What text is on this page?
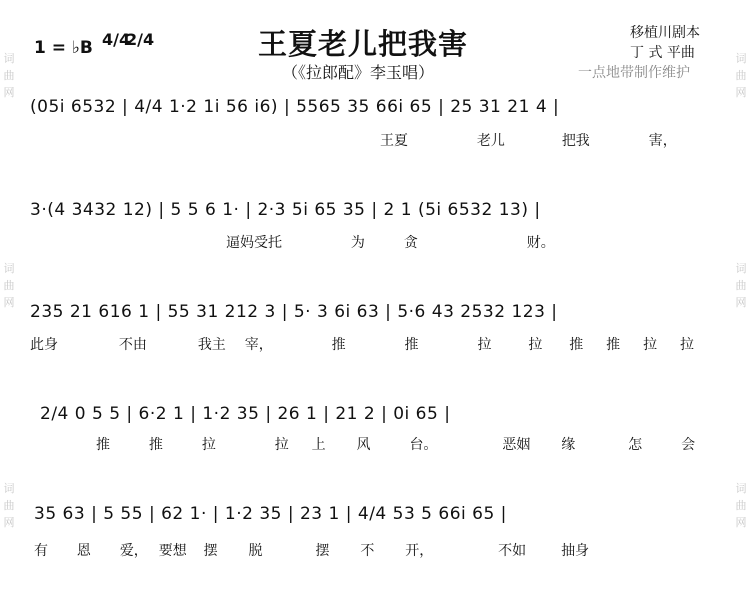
词
曲
网
词
曲
网
词
曲
网
词
曲
网
词
曲
网
词
曲
网
王夏老儿把我害
（《拉郎配》李玉唱）
移植川剧本
丁 式 平曲
一点地带制作维护
1 = ♭B 4/4
2/4
(05i 6532 | 4/4 1·2 1i 56 i6) | 5565 35 66i 65 | 25 31 21 4 |
王夏	老儿	把我	害，
3·(4 3432 12) | 5 5 6 1· | 2·3 5i 65 35 | 2 1 (5i 6532 13) |
逼妈受托	为	贪	财。
235 21 616 1 | 55 31 212 3 | 5· 3 6i 63 | 5·6 43 2532 123 |
此身	不由	我主 宰，	推	推	拉	拉 推 推 拉 拉
2/4 0 5 5 | 6·2 1 | 1·2 35 | 26 1 | 21 2 | 0i 65 |
推	推	拉	拉 上 风	台。	恶姻 缘	怎	会
35 63 | 5 55 | 62 1· | 1·2 35 | 23 1 | 4/4 53 5 66i 65 |
有 恩 爱， 要想 摆 脱	摆 不 开，	不如 抽身
